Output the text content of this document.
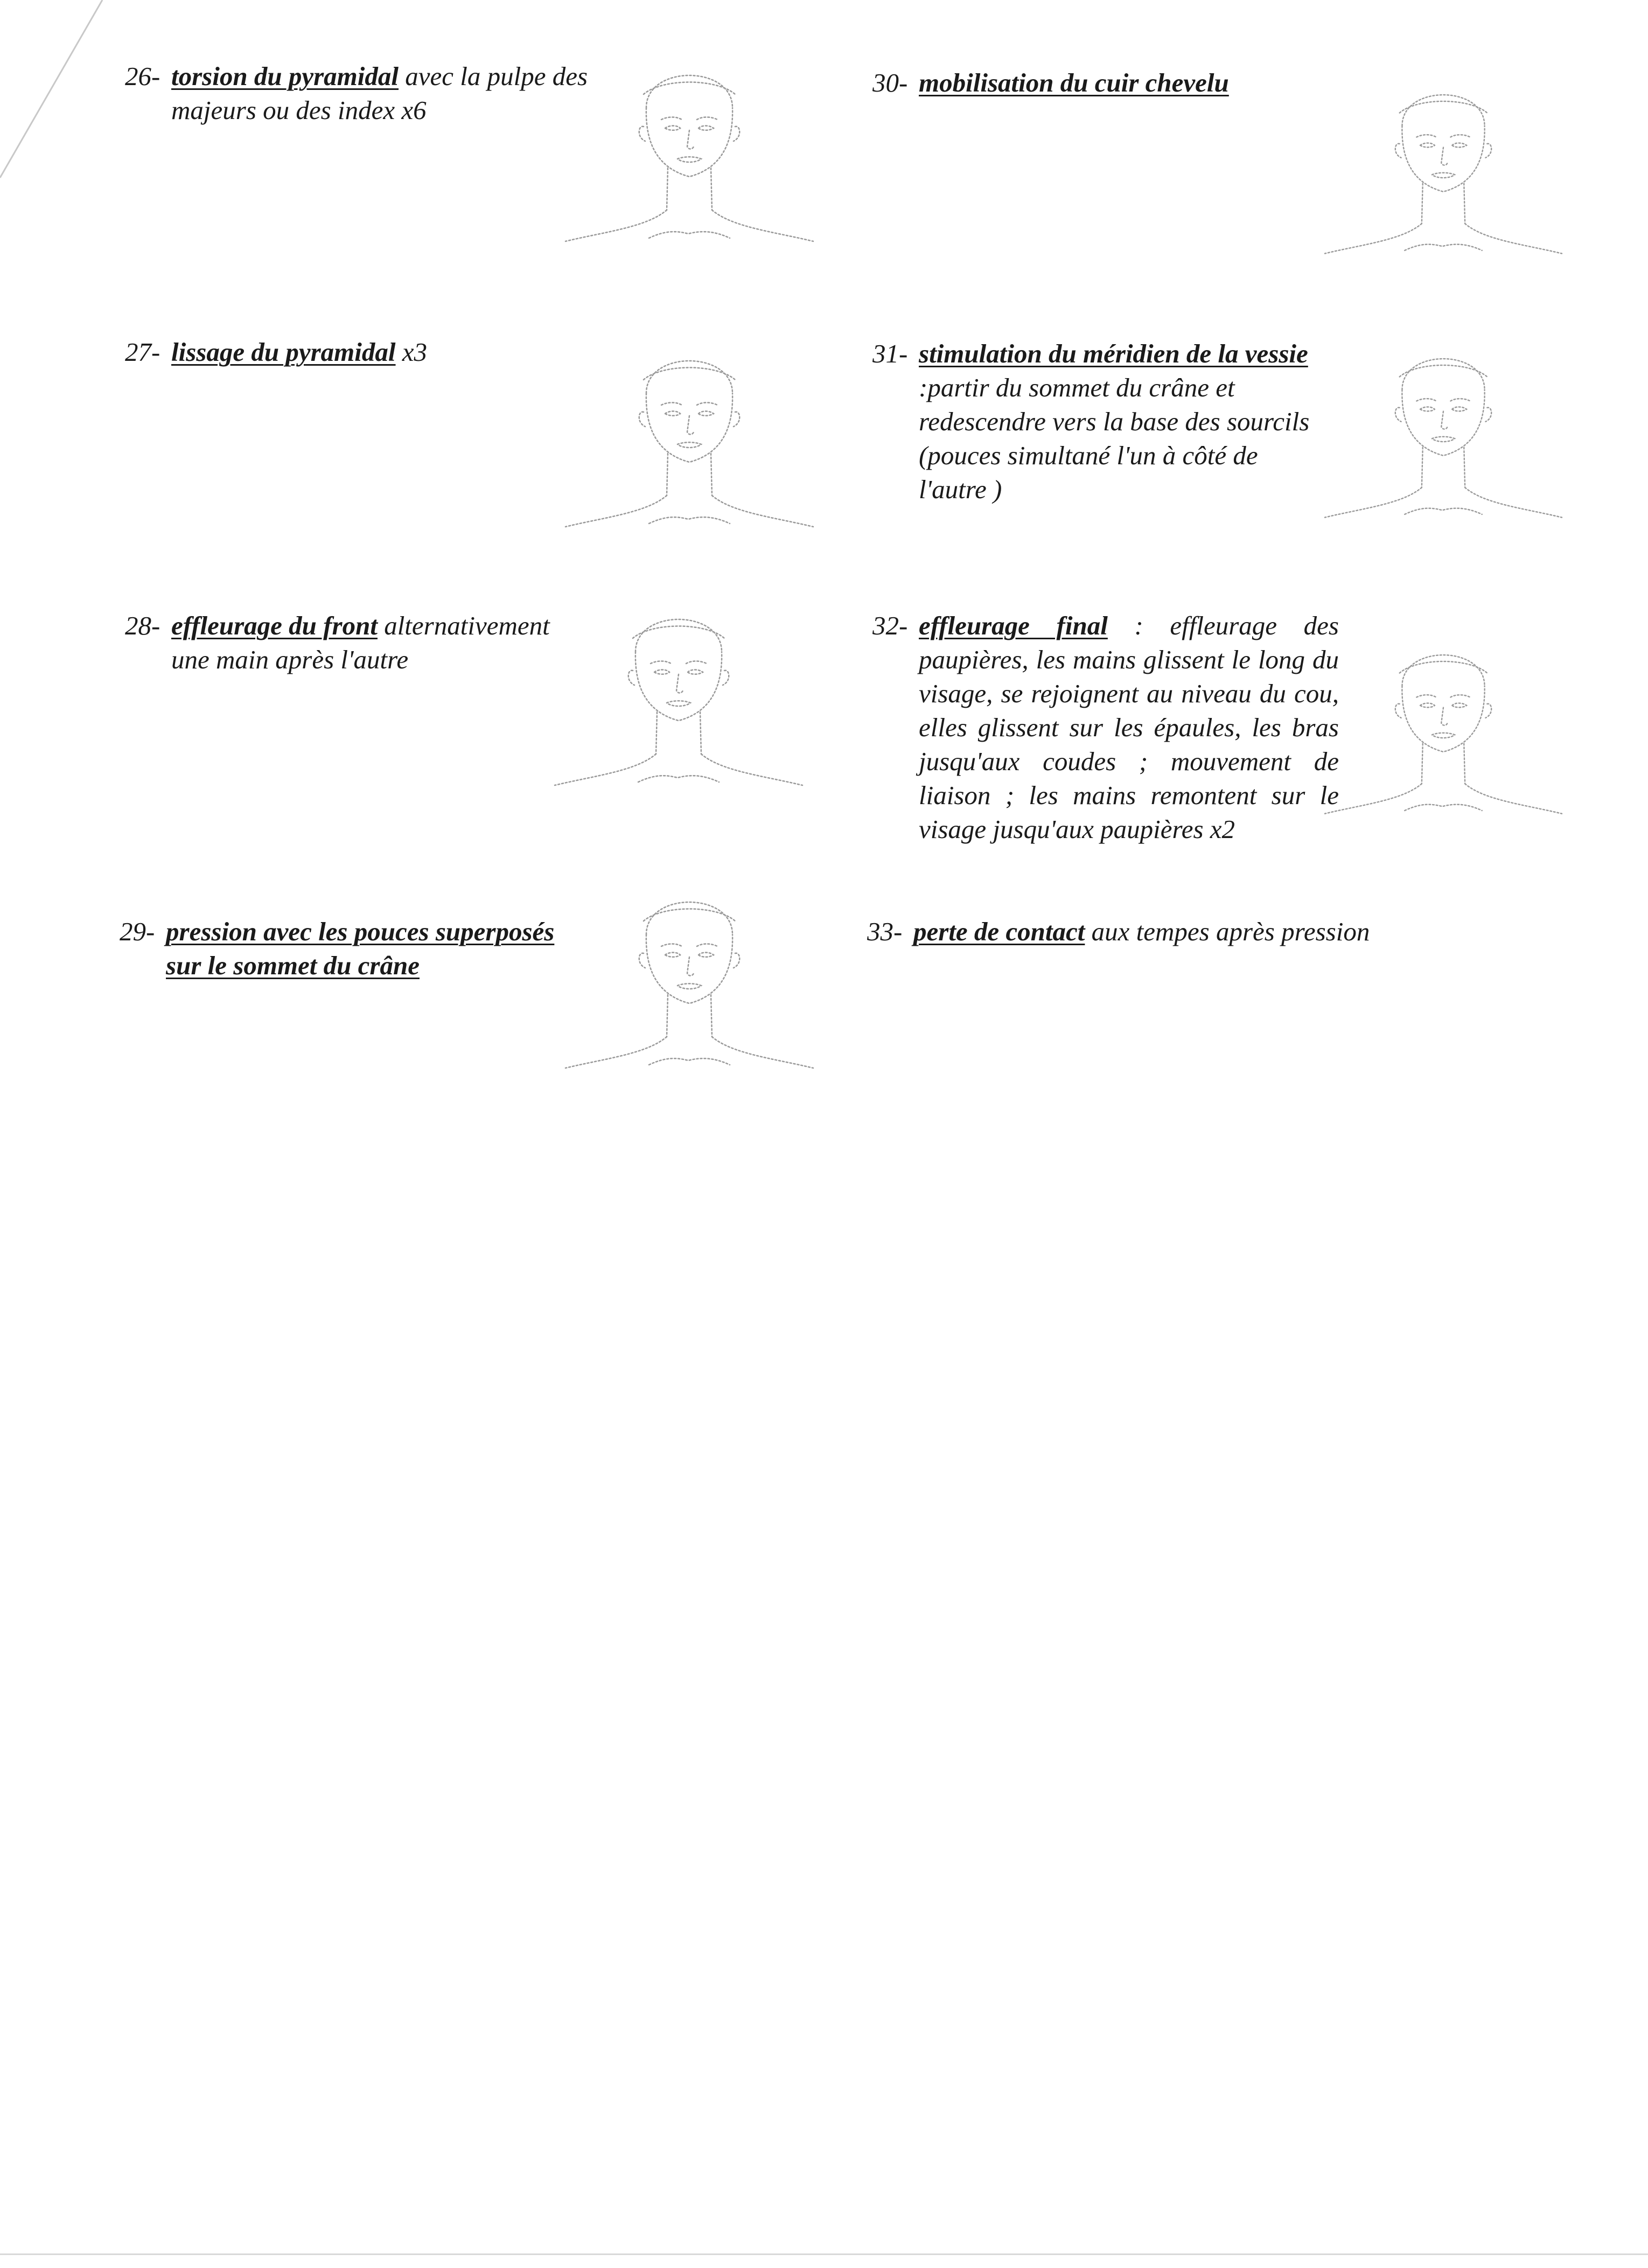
26- torsion du pyramidal avec la pulpe des majeurs ou des index x6
27- lissage du pyramidal x3
28- effleurage du front alternativement une main après l'autre
29- pression avec les pouces superposés sur le sommet du crâne
30- mobilisation du cuir chevelu
31- stimulation du méridien de la vessie :partir du sommet du crâne et redescendre vers la base des sourcils (pouces simultané l'un à côté de l'autre )
32- effleurage final : effleurage des paupières, les mains glissent le long du visage, se rejoignent au niveau du cou, elles glissent sur les épaules, les bras jusqu'aux coudes ; mouvement de liaison ; les mains remontent sur le visage jusqu'aux paupières x2
33- perte de contact aux tempes après pression
